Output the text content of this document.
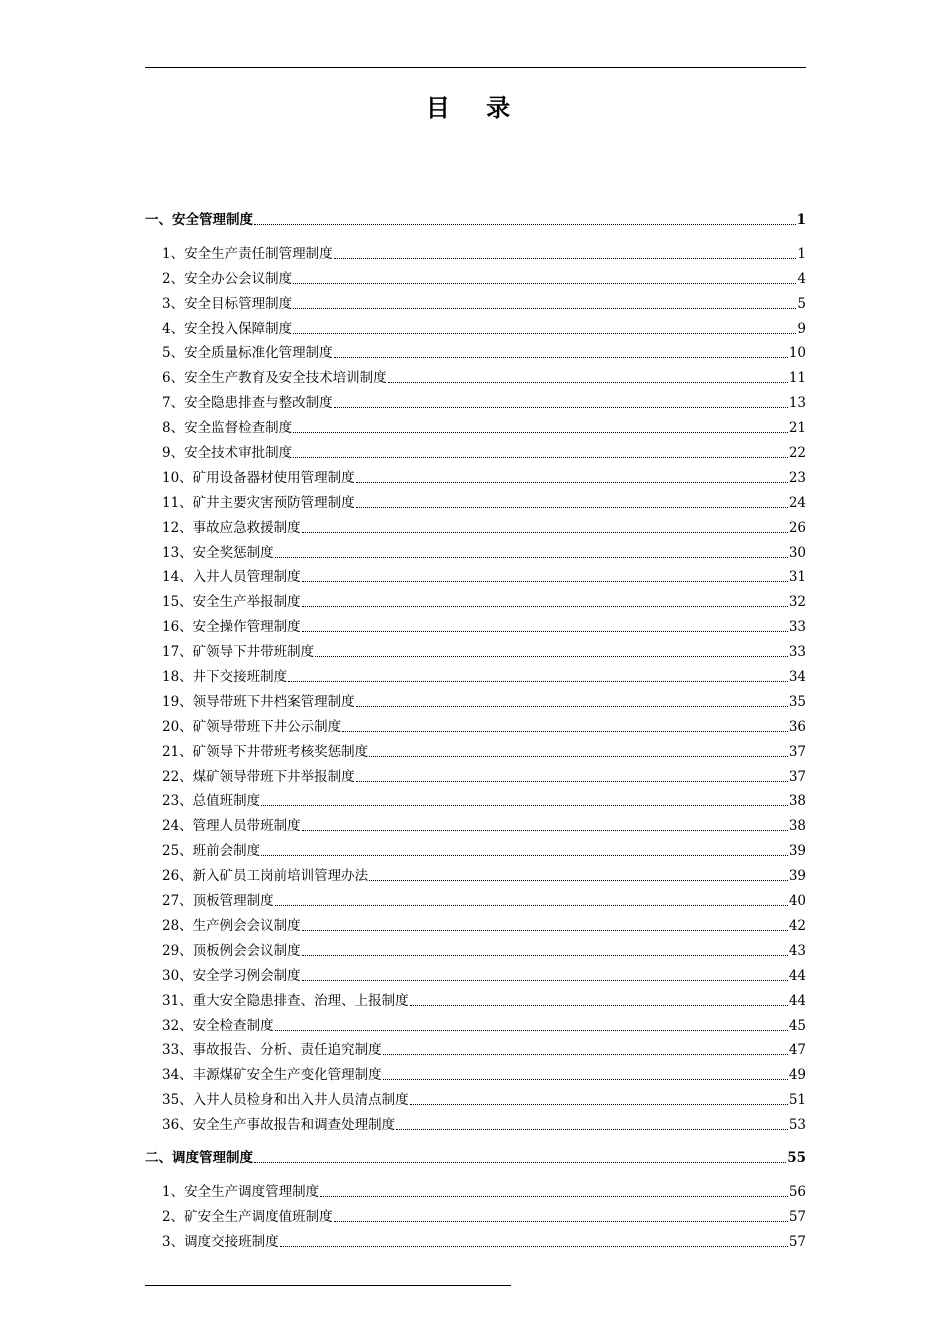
目 录
一、安全管理制度	1
1、安全生产责任制管理制度	1
2、安全办公会议制度	4
3、安全目标管理制度	5
4、安全投入保障制度	9
5、安全质量标准化管理制度	10
6、安全生产教育及安全技术培训制度	11
7、安全隐患排查与整改制度	13
8、安全监督检查制度	21
9、安全技术审批制度	22
10、矿用设备器材使用管理制度	23
11、矿井主要灾害预防管理制度	24
12、事故应急救援制度	26
13、安全奖惩制度	30
14、入井人员管理制度	31
15、安全生产举报制度	32
16、安全操作管理制度	33
17、矿领导下井带班制度	33
18、井下交接班制度	34
19、领导带班下井档案管理制度	35
20、矿领导带班下井公示制度	36
21、矿领导下井带班考核奖惩制度	37
22、煤矿领导带班下井举报制度	37
23、总值班制度	38
24、管理人员带班制度	38
25、班前会制度	39
26、新入矿员工岗前培训管理办法	39
27、顶板管理制度	40
28、生产例会会议制度	42
29、顶板例会会议制度	43
30、安全学习例会制度	44
31、重大安全隐患排查、治理、上报制度	44
32、安全检查制度	45
33、事故报告、分析、责任追究制度	47
34、丰源煤矿安全生产变化管理制度	49
35、入井人员检身和出入井人员清点制度	51
36、安全生产事故报告和调查处理制度	53
二、调度管理制度	55
1、安全生产调度管理制度	56
2、矿安全生产调度值班制度	57
3、调度交接班制度	57
